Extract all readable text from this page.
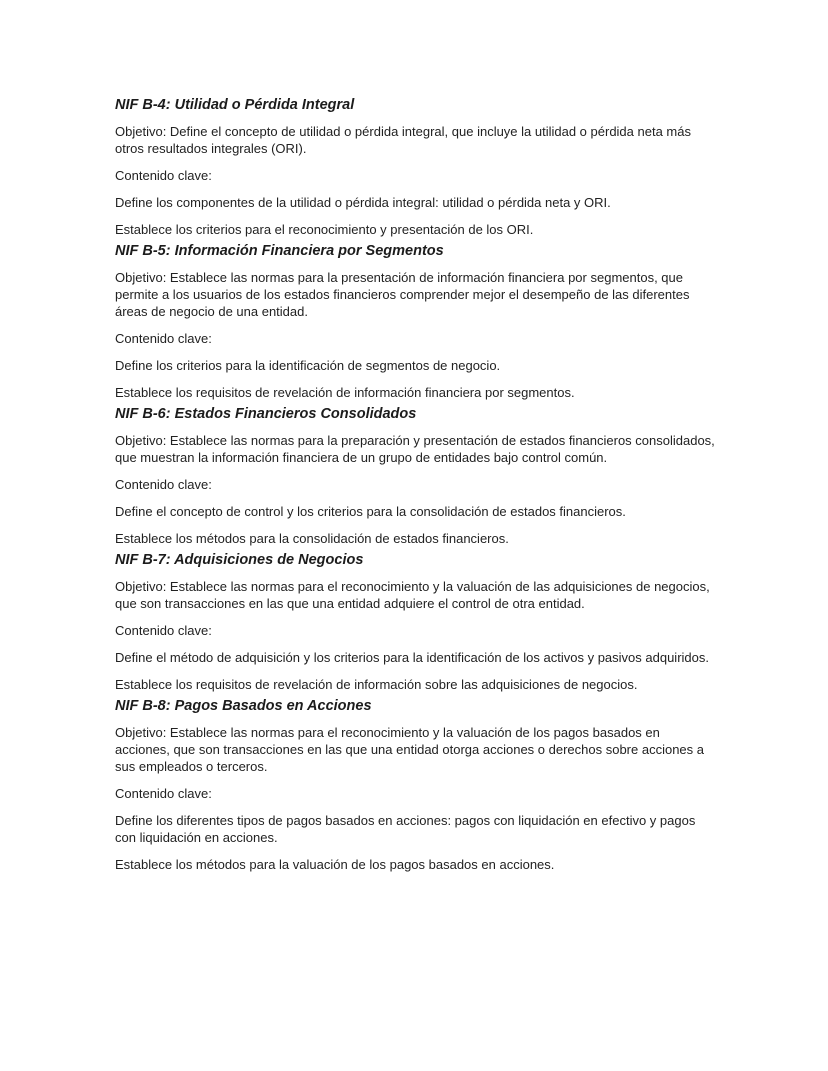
NIF B-4: Utilidad o Pérdida Integral

Objetivo: Define el concepto de utilidad o pérdida integral, que incluye la utilidad o pérdida neta más otros resultados integrales (ORI).

Contenido clave:

Define los componentes de la utilidad o pérdida integral: utilidad o pérdida neta y ORI.

Establece los criterios para el reconocimiento y presentación de los ORI.

NIF B-5: Información Financiera por Segmentos

Objetivo: Establece las normas para la presentación de información financiera por segmentos, que permite a los usuarios de los estados financieros comprender mejor el desempeño de las diferentes áreas de negocio de una entidad.

Contenido clave:

Define los criterios para la identificación de segmentos de negocio.

Establece los requisitos de revelación de información financiera por segmentos.

NIF B-6: Estados Financieros Consolidados

Objetivo: Establece las normas para la preparación y presentación de estados financieros consolidados, que muestran la información financiera de un grupo de entidades bajo control común.

Contenido clave:

Define el concepto de control y los criterios para la consolidación de estados financieros.

Establece los métodos para la consolidación de estados financieros.

NIF B-7: Adquisiciones de Negocios

Objetivo: Establece las normas para el reconocimiento y la valuación de las adquisiciones de negocios, que son transacciones en las que una entidad adquiere el control de otra entidad.

Contenido clave:

Define el método de adquisición y los criterios para la identificación de los activos y pasivos adquiridos.

Establece los requisitos de revelación de información sobre las adquisiciones de negocios.

NIF B-8: Pagos Basados en Acciones

Objetivo: Establece las normas para el reconocimiento y la valuación de los pagos basados en acciones, que son transacciones en las que una entidad otorga acciones o derechos sobre acciones a sus empleados o terceros.

Contenido clave:

Define los diferentes tipos de pagos basados en acciones: pagos con liquidación en efectivo y pagos con liquidación en acciones.

Establece los métodos para la valuación de los pagos basados en acciones.
